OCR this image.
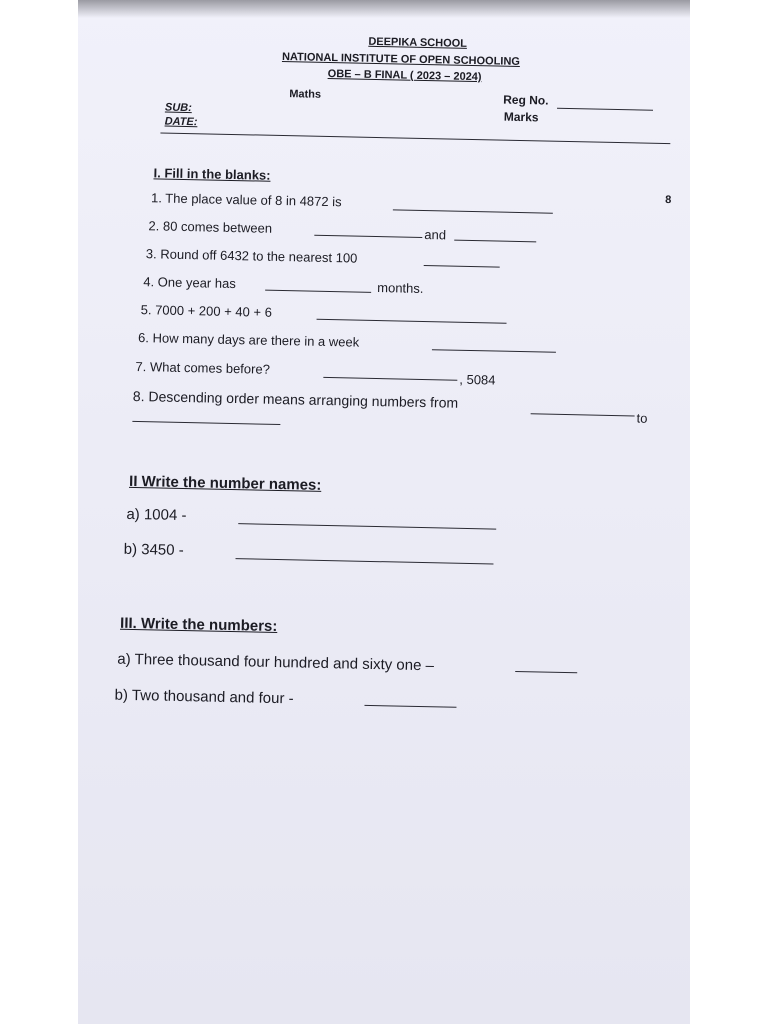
DEEPIKA SCHOOL
NATIONAL INSTITUTE OF OPEN SCHOOLING
OBE – B FINAL ( 2023 – 2024)
Maths	Reg No.
Marks
SUB:
DATE:
I. Fill in the blanks:
8
1. The place value of 8 in 4872 is
2. 80 comes between	and
3. Round off 6432 to the nearest 100
4. One year has	months.
5. 7000 + 200 + 40 + 6
6. How many days are there in a week
7. What comes before?
, 5084
8. Descending order means arranging numbers from
to
II Write the number names:
a) 1004 -
b) 3450 -
III. Write the numbers:
a) Three thousand four hundred and sixty one –
b) Two thousand and four -
